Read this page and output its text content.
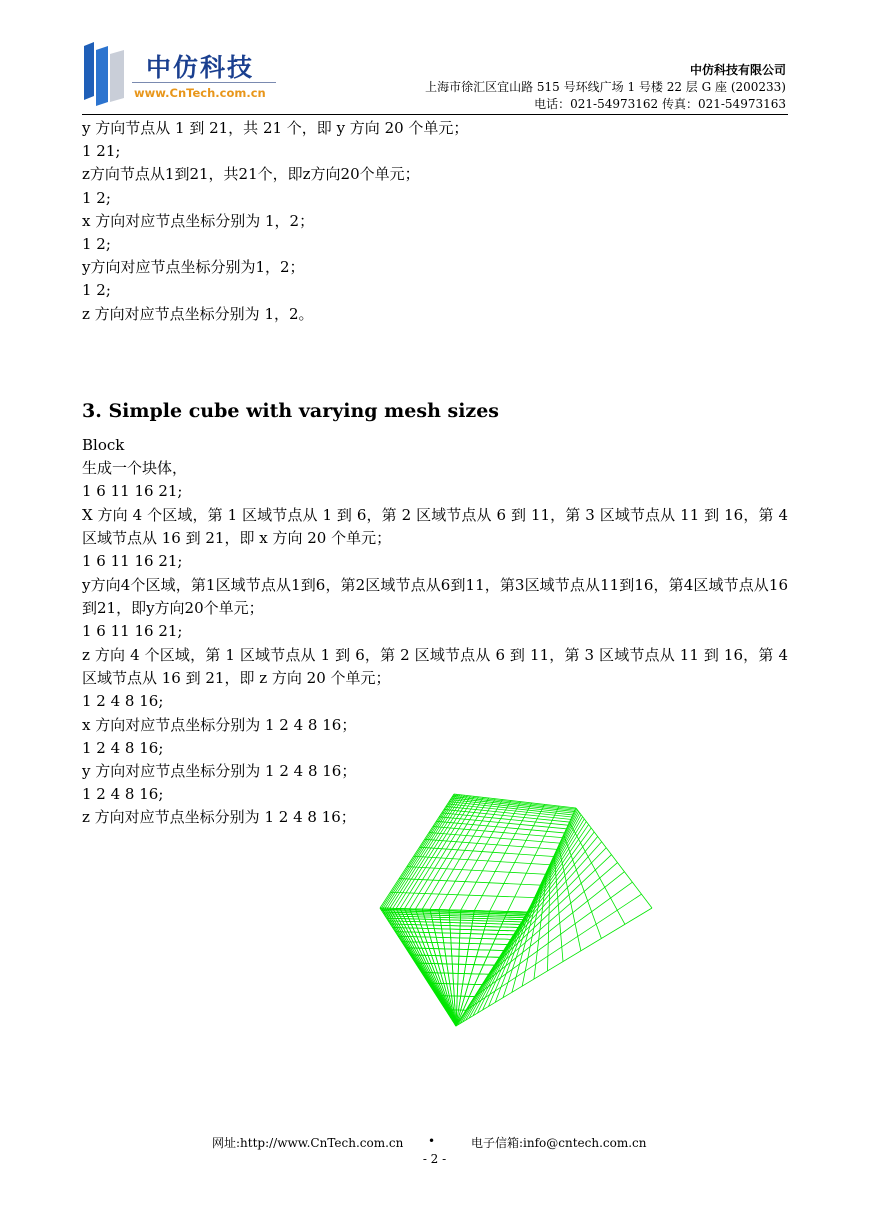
中仿科技
www.CnTech.com.cn
中仿科技有限公司
上海市徐汇区宜山路 515 号环线广场 1 号楼 22 层 G 座 (200233)
电话：021-54973162 传真：021-54973163
y 方向节点从 1 到 21，共 21 个，即 y 方向 20 个单元；
1 21;
z方向节点从1到21，共21个，即z方向20个单元；
1 2;
x 方向对应节点坐标分别为 1，2；
1 2;
y方向对应节点坐标分别为1，2；
1 2;
z 方向对应节点坐标分别为 1，2。
3. Simple cube with varying mesh sizes
Block
生成一个块体，
1 6 11 16 21;
X 方向 4 个区域，第 1 区域节点从 1 到 6，第 2 区域节点从 6 到 11，第 3 区域节点从 11 到 16，第 4 区域节点从 16 到 21，即 x 方向 20 个单元；
1 6 11 16 21;
y方向4个区域，第1区域节点从1到6，第2区域节点从6到11，第3区域节点从11到16，第4区域节点从16到21，即y方向20个单元；
1 6 11 16 21;
z 方向 4 个区域，第 1 区域节点从 1 到 6，第 2 区域节点从 6 到 11，第 3 区域节点从 11 到 16，第 4 区域节点从 16 到 21，即 z 方向 20 个单元；
1 2 4 8 16;
x 方向对应节点坐标分别为 1 2 4 8 16；
1 2 4 8 16;
y 方向对应节点坐标分别为 1 2 4 8 16；
1 2 4 8 16;
z 方向对应节点坐标分别为 1 2 4 8 16；
网址:http://www.CnTech.com.cn •	电子信箱:info@cntech.com.cn
- 2 -
